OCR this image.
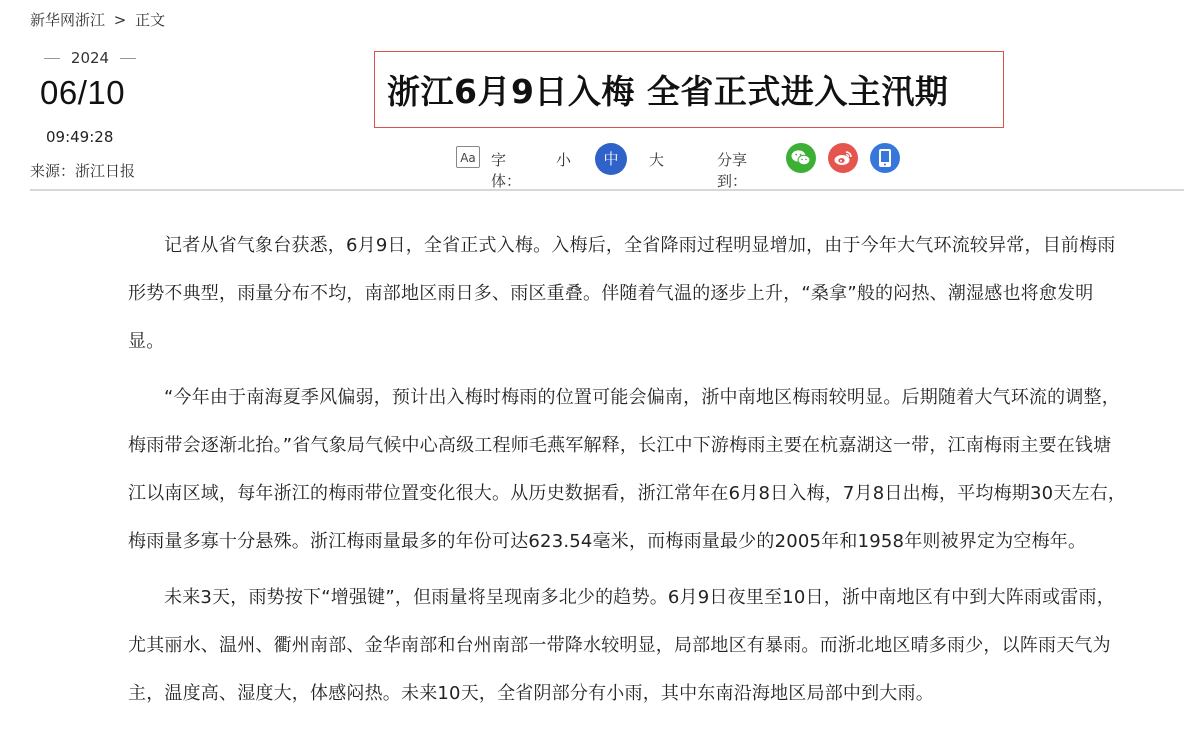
新华网浙江 > 正文
2024
06/10
09:49:28
来源：浙江日报
浙江6月9日入梅 全省正式进入主汛期
Aa 字体：
小	中	大	分享到：

记者从省气象台获悉，6月9日，全省正式入梅。入梅后，全省降雨过程明显增加，由于今年大气环流较异常，目前梅雨形势不典型，雨量分布不均，南部地区雨日多、雨区重叠。伴随着气温的逐步上升，“桑拿”般的闷热、潮湿感也将愈发明显。

“今年由于南海夏季风偏弱，预计出入梅时梅雨的位置可能会偏南，浙中南地区梅雨较明显。后期随着大气环流的调整，梅雨带会逐渐北抬。”省气象局气候中心高级工程师毛燕军解释，长江中下游梅雨主要在杭嘉湖这一带，江南梅雨主要在钱塘江以南区域，每年浙江的梅雨带位置变化很大。从历史数据看，浙江常年在6月8日入梅，7月8日出梅，平均梅期30天左右，梅雨量多寡十分悬殊。浙江梅雨量最多的年份可达623.54毫米，而梅雨量最少的2005年和1958年则被界定为空梅年。

未来3天，雨势按下“增强键”，但雨量将呈现南多北少的趋势。6月9日夜里至10日，浙中南地区有中到大阵雨或雷雨，尤其丽水、温州、衢州南部、金华南部和台州南部一带降水较明显，局部地区有暴雨。而浙北地区晴多雨少，以阵雨天气为主，温度高、湿度大，体感闷热。未来10天，全省阴部分有小雨，其中东南沿海地区局部中到大雨。
